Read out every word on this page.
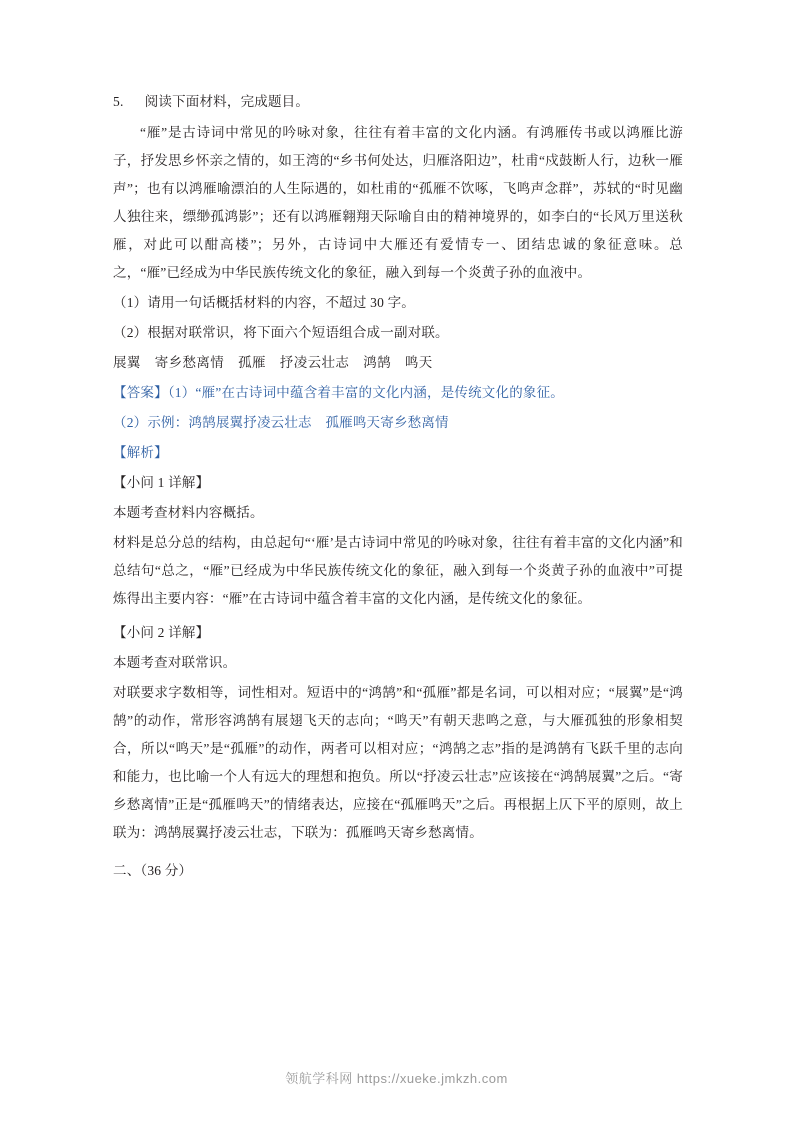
5. 阅读下面材料，完成题目。

“雁”是古诗词中常见的吟咏对象，往往有着丰富的文化内涵。有鸿雁传书或以鸿雁比游子，抒发思乡怀亲之情的，如王湾的“乡书何处达，归雁洛阳边”，杜甫“戍鼓断人行，边秋一雁声”；也有以鸿雁喻漂泊的人生际遇的，如杜甫的“孤雁不饮啄，飞鸣声念群”，苏轼的“时见幽人独往来，缥缈孤鸿影”；还有以鸿雁翱翔天际喻自由的精神境界的，如李白的“长风万里送秋雁，对此可以酣高楼”；另外，古诗词中大雁还有爱情专一、团结忠诚的象征意味。总之，“雁”已经成为中华民族传统文化的象征，融入到每一个炎黄子孙的血液中。

（1）请用一句话概括材料的内容，不超过 30 字。

（2）根据对联常识，将下面六个短语组合成一副对联。

展翼　寄乡愁离情　孤雁　抒凌云壮志　鸿鹄　鸣天

【答案】（1）“雁”在古诗词中蕴含着丰富的文化内涵，是传统文化的象征。

（2）示例：鸿鹄展翼抒凌云壮志　孤雁鸣天寄乡愁离情

【解析】

【小问 1 详解】

本题考查材料内容概括。

材料是总分总的结构，由总起句“‘雁’是古诗词中常见的吟咏对象，往往有着丰富的文化内涵”和总结句“总之，“雁”已经成为中华民族传统文化的象征，融入到每一个炎黄子孙的血液中”可提炼得出主要内容：“雁”在古诗词中蕴含着丰富的文化内涵，是传统文化的象征。

【小问 2 详解】

本题考查对联常识。

对联要求字数相等，词性相对。短语中的“鸿鹄”和“孤雁”都是名词，可以相对应；“展翼”是“鸿鹄”的动作，常形容鸿鹄有展翅飞天的志向；“鸣天”有朝天悲鸣之意，与大雁孤独的形象相契合，所以“鸣天”是“孤雁”的动作，两者可以相对应；“鸿鹄之志”指的是鸿鹄有飞跃千里的志向和能力，也比喻一个人有远大的理想和抱负。所以“抒凌云壮志”应该接在“鸿鹄展翼”之后。“寄乡愁离情”正是“孤雁鸣天”的情绪表达，应接在“孤雁鸣天”之后。再根据上仄下平的原则，故上联为：鸿鹄展翼抒凌云壮志，下联为：孤雁鸣天寄乡愁离情。

二、（36 分）

领航学科网 https://xueke.jmkzh.com
